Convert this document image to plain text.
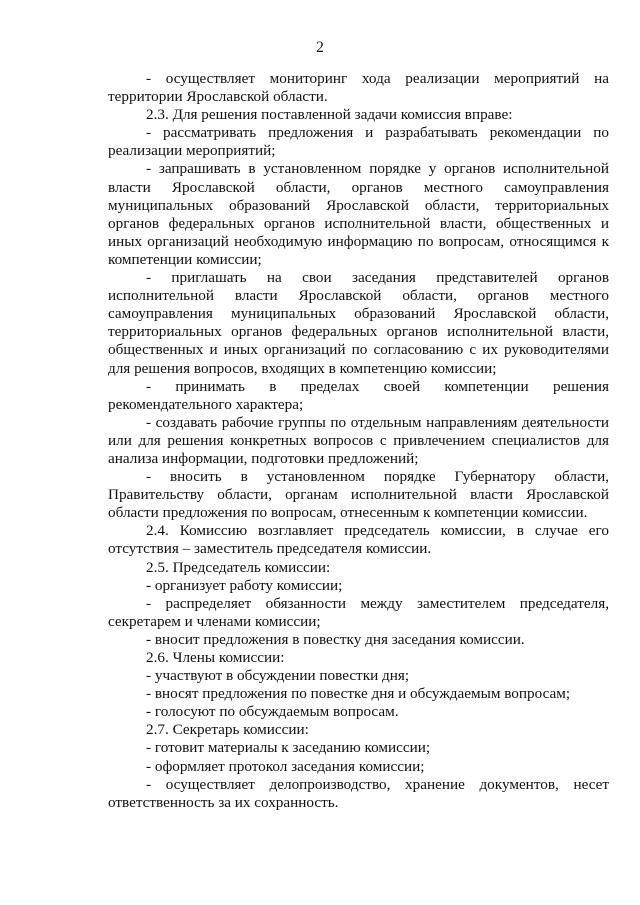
2

- осуществляет мониторинг хода реализации мероприятий на территории Ярославской области.

2.3. Для решения поставленной задачи комиссия вправе:

- рассматривать предложения и разрабатывать рекомендации по реализации мероприятий;

- запрашивать в установленном порядке у органов исполнительной власти Ярославской области, органов местного самоуправления муниципальных образований Ярославской области, территориальных органов федеральных органов исполнительной власти, общественных и иных организаций необходимую информацию по вопросам, относящимся к компетенции комиссии;

- приглашать на свои заседания представителей органов исполнительной власти Ярославской области, органов местного самоуправления муниципальных образований Ярославской области, территориальных органов федеральных органов исполнительной власти, общественных и иных организаций по согласованию с их руководителями для решения вопросов, входящих в компетенцию комиссии;

- принимать в пределах своей компетенции решения рекомендательного характера;

- создавать рабочие группы по отдельным направлениям деятельности или для решения конкретных вопросов с привлечением специалистов для анализа информации, подготовки предложений;

- вносить в установленном порядке Губернатору области, Правительству области, органам исполнительной власти Ярославской области предложения по вопросам, отнесенным к компетенции комиссии.

2.4. Комиссию возглавляет председатель комиссии, в случае его отсутствия – заместитель председателя комиссии.

2.5. Председатель комиссии:

- организует работу комиссии;

- распределяет обязанности между заместителем председателя, секретарем и членами комиссии;

- вносит предложения в повестку дня заседания комиссии.

2.6. Члены комиссии:

- участвуют в обсуждении повестки дня;

- вносят предложения по повестке дня и обсуждаемым вопросам;

- голосуют по обсуждаемым вопросам.

2.7. Секретарь комиссии:

- готовит материалы к заседанию комиссии;

- оформляет протокол заседания комиссии;

- осуществляет делопроизводство, хранение документов, несет ответственность за их сохранность.
